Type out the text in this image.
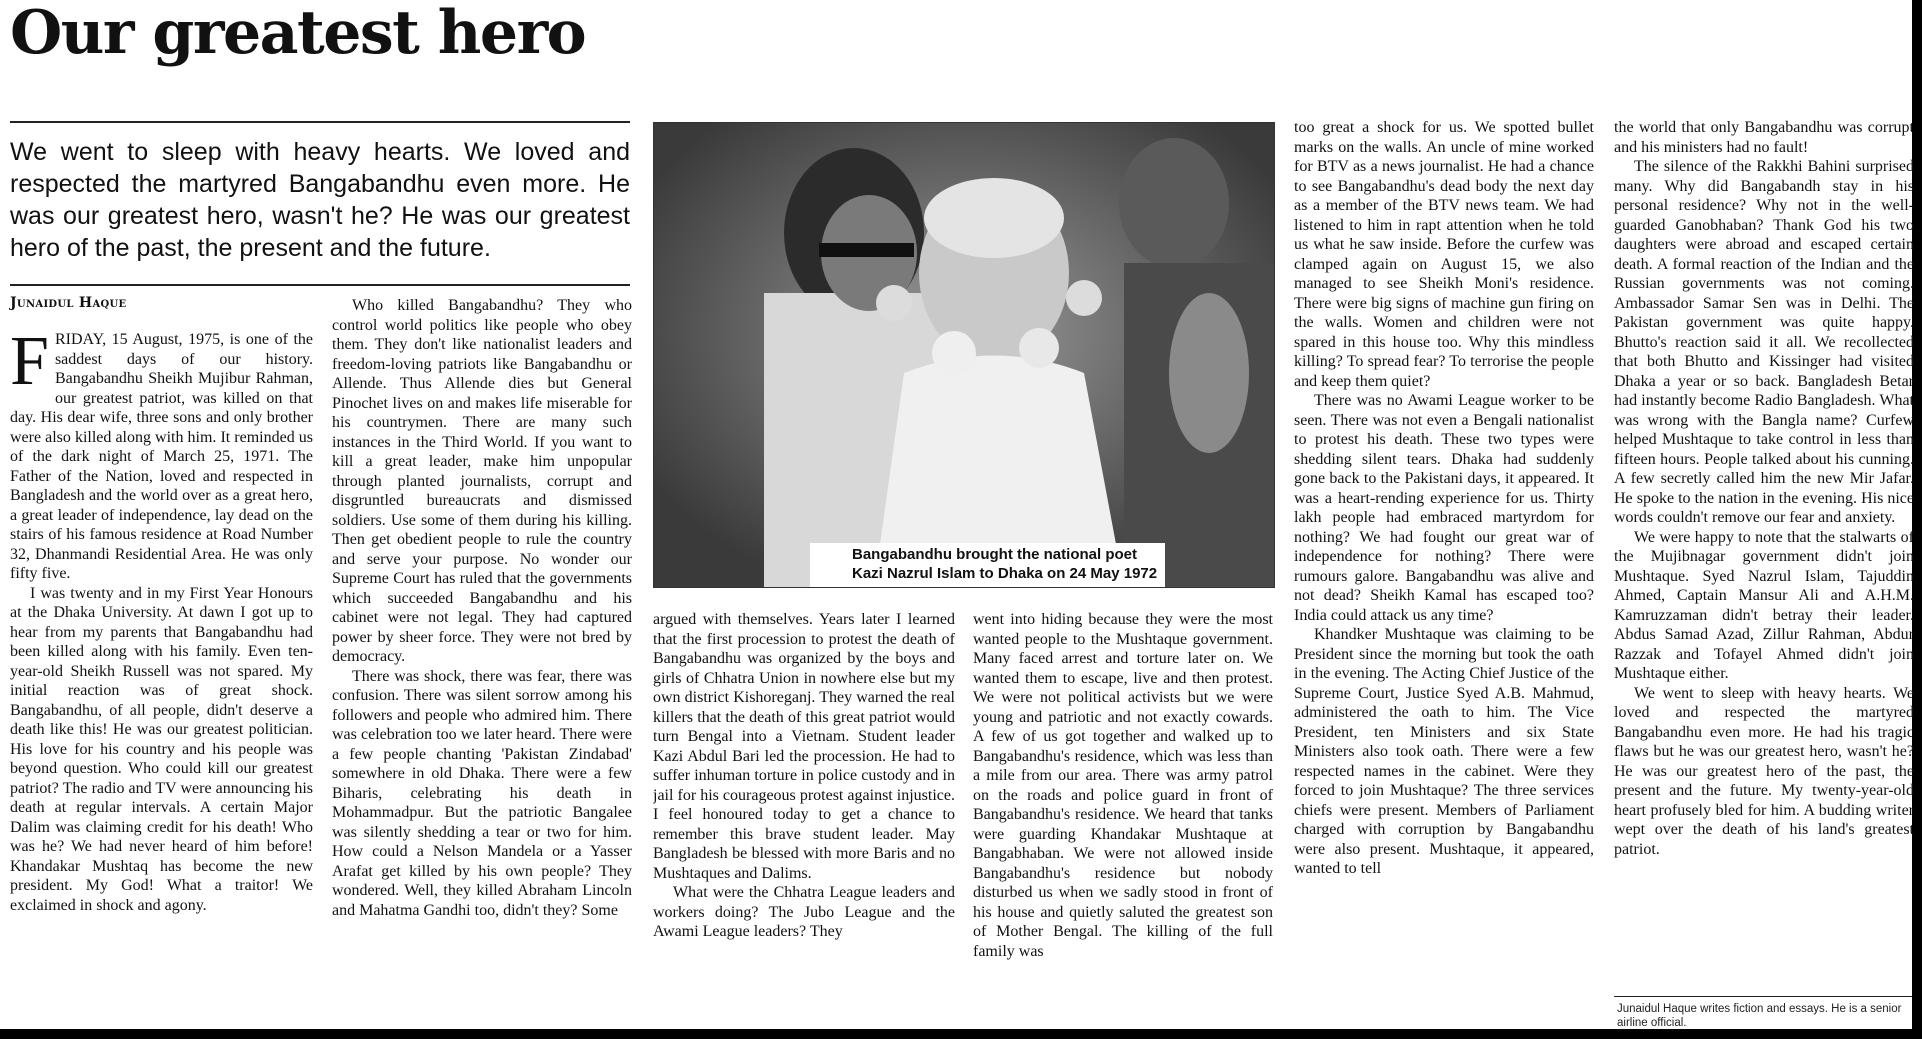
Our greatest hero

We went to sleep with heavy hearts. We loved and respected the martyred Bangabandhu even more. He was our greatest hero, wasn't he? He was our greatest hero of the past, the present and the future.

Junaidul Haque

FRIDAY, 15 August, 1975, is one of the saddest days of our history. Bangabandhu Sheikh Mujibur Rahman, our greatest patriot, was killed on that day. His dear wife, three sons and only brother were also killed along with him. It reminded us of the dark night of March 25, 1971. The Father of the Nation, loved and respected in Bangladesh and the world over as a great hero, a great leader of independence, lay dead on the stairs of his famous residence at Road Number 32, Dhanmandi Residential Area. He was only fifty five.

I was twenty and in my First Year Honours at the Dhaka University. At dawn I got up to hear from my parents that Bangabandhu had been killed along with his family. Even ten-year-old Sheikh Russell was not spared. My initial reaction was of great shock. Bangabandhu, of all people, didn't deserve a death like this! He was our greatest politician. His love for his country and his people was beyond question. Who could kill our greatest patriot? The radio and TV were announcing his death at regular intervals. A certain Major Dalim was claiming credit for his death! Who was he? We had never heard of him before! Khandakar Mushtaq has become the new president. My God! What a traitor! We exclaimed in shock and agony.

Who killed Bangabandhu? They who control world politics like people who obey them. They don't like nationalist leaders and freedom-loving patriots like Bangabandhu or Allende. Thus Allende dies but General Pinochet lives on and makes life miserable for his countrymen. There are many such instances in the Third World. If you want to kill a great leader, make him unpopular through planted journalists, corrupt and disgruntled bureaucrats and dismissed soldiers. Use some of them during his killing. Then get obedient people to rule the country and serve your purpose. No wonder our Supreme Court has ruled that the governments which succeeded Bangabandhu and his cabinet were not legal. They had captured power by sheer force. They were not bred by democracy.

There was shock, there was fear, there was confusion. There was silent sorrow among his followers and people who admired him. There was celebration too we later heard. There were a few people chanting 'Pakistan Zindabad' somewhere in old Dhaka. There were a few Biharis, celebrating his death in Mohammadpur. But the patriotic Bangalee was silently shedding a tear or two for him. How could a Nelson Mandela or a Yasser Arafat get killed by his own people? They wondered. Well, they killed Abraham Lincoln and Mahatma Gandhi too, didn't they? Some

Bangabandhu brought the national poet
Kazi Nazrul Islam to Dhaka on 24 May 1972

argued with themselves. Years later I learned that the first procession to protest the death of Bangabandhu was organized by the boys and girls of Chhatra Union in nowhere else but my own district Kishoreganj. They warned the real killers that the death of this great patriot would turn Bengal into a Vietnam. Student leader Kazi Abdul Bari led the procession. He had to suffer inhuman torture in police custody and in jail for his courageous protest against injustice. I feel honoured today to get a chance to remember this brave student leader. May Bangladesh be blessed with more Baris and no Mushtaques and Dalims.

What were the Chhatra League leaders and workers doing? The Jubo League and the Awami League leaders? They

went into hiding because they were the most wanted people to the Mushtaque government. Many faced arrest and torture later on. We wanted them to escape, live and then protest. We were not political activists but we were young and patriotic and not exactly cowards. A few of us got together and walked up to Bangabandhu's residence, which was less than a mile from our area. There was army patrol on the roads and police guard in front of Bangabandhu's residence. We heard that tanks were guarding Khandakar Mushtaque at Bangabhaban. We were not allowed inside Bangabandhu's residence but nobody disturbed us when we sadly stood in front of his house and quietly saluted the greatest son of Mother Bengal. The killing of the full family was

too great a shock for us. We spotted bullet marks on the walls. An uncle of mine worked for BTV as a news journalist. He had a chance to see Bangabandhu's dead body the next day as a member of the BTV news team. We had listened to him in rapt attention when he told us what he saw inside. Before the curfew was clamped again on August 15, we also managed to see Sheikh Moni's residence. There were big signs of machine gun firing on the walls. Women and children were not spared in this house too. Why this mindless killing? To spread fear? To terrorise the people and keep them quiet?

There was no Awami League worker to be seen. There was not even a Bengali nationalist to protest his death. These two types were shedding silent tears. Dhaka had suddenly gone back to the Pakistani days, it appeared. It was a heart-rending experience for us. Thirty lakh people had embraced martyrdom for nothing? We had fought our great war of independence for nothing? There were rumours galore. Bangabandhu was alive and not dead? Sheikh Kamal has escaped too? India could attack us any time?

Khandker Mushtaque was claiming to be President since the morning but took the oath in the evening. The Acting Chief Justice of the Supreme Court, Justice Syed A.B. Mahmud, administered the oath to him. The Vice President, ten Ministers and six State Ministers also took oath. There were a few respected names in the cabinet. Were they forced to join Mushtaque? The three services chiefs were present. Members of Parliament charged with corruption by Bangabandhu were also present. Mushtaque, it appeared, wanted to tell

the world that only Bangabandhu was corrupt and his ministers had no fault!

The silence of the Rakkhi Bahini surprised many. Why did Bangabandh stay in his personal residence? Why not in the well-guarded Ganobhaban? Thank God his two daughters were abroad and escaped certain death. A formal reaction of the Indian and the Russian governments was not coming. Ambassador Samar Sen was in Delhi. The Pakistan government was quite happy. Bhutto's reaction said it all. We recollected that both Bhutto and Kissinger had visited Dhaka a year or so back. Bangladesh Betar had instantly become Radio Bangladesh. What was wrong with the Bangla name? Curfew helped Mushtaque to take control in less than fifteen hours. People talked about his cunning. A few secretly called him the new Mir Jafar. He spoke to the nation in the evening. His nice words couldn't remove our fear and anxiety.

We were happy to note that the stalwarts of the Mujibnagar government didn't join Mushtaque. Syed Nazrul Islam, Tajuddin Ahmed, Captain Mansur Ali and A.H.M. Kamruzzaman didn't betray their leader. Abdus Samad Azad, Zillur Rahman, Abdur Razzak and Tofayel Ahmed didn't join Mushtaque either.

We went to sleep with heavy hearts. We loved and respected the martyred Bangabandhu even more. He had his tragic flaws but he was our greatest hero, wasn't he? He was our greatest hero of the past, the present and the future. My twenty-year-old heart profusely bled for him. A budding writer wept over the death of his land's greatest patriot.

Junaidul Haque writes fiction and essays. He is a senior airline official.
